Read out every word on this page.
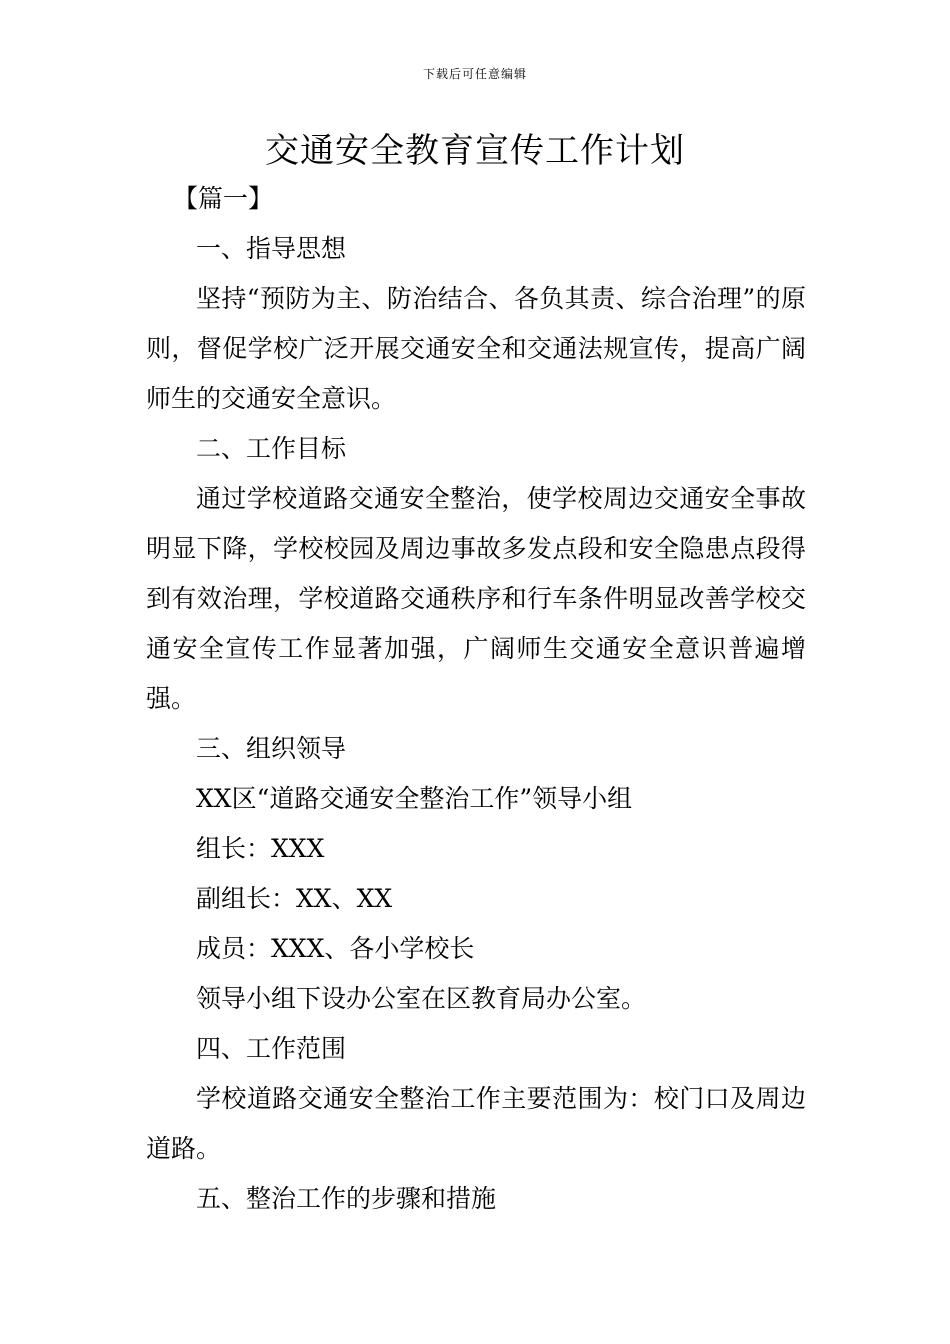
下载后可任意编辑
交通安全教育宣传工作计划

【篇一】

一、指导思想

坚持“预防为主、防治结合、各负其责、综合治理”的原则，督促学校广泛开展交通安全和交通法规宣传，提高广阔师生的交通安全意识。

二、工作目标

通过学校道路交通安全整治，使学校周边交通安全事故明显下降，学校校园及周边事故多发点段和安全隐患点段得到有效治理，学校道路交通秩序和行车条件明显改善学校交通安全宣传工作显著加强，广阔师生交通安全意识普遍增强。

三、组织领导

XX区“道路交通安全整治工作”领导小组

组长：XXX

副组长：XX、XX

成员：XXX、各小学校长

领导小组下设办公室在区教育局办公室。

四、工作范围

学校道路交通安全整治工作主要范围为：校门口及周边道路。

五、整治工作的步骤和措施
